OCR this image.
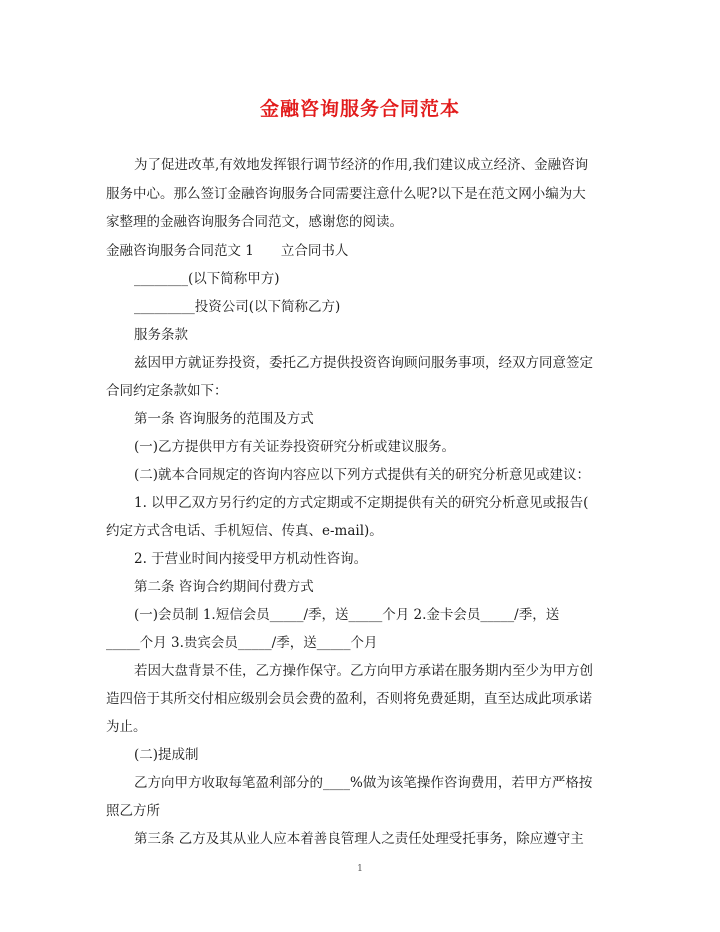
金融咨询服务合同范本
为了促进改革,有效地发挥银行调节经济的作用,我们建议成立经济、金融咨询
服务中心。那么签订金融咨询服务合同需要注意什么呢?以下是在范文网小编为大
家整理的金融咨询服务合同范文，感谢您的阅读。
金融咨询服务合同范文 1　　立合同书人
________(以下简称甲方)
_________投资公司(以下简称乙方)
服务条款
兹因甲方就证券投资，委托乙方提供投资咨询顾问服务事项，经双方同意签定
合同约定条款如下：
第一条 咨询服务的范围及方式
(一)乙方提供甲方有关证券投资研究分析或建议服务。
(二)就本合同规定的咨询内容应以下列方式提供有关的研究分析意见或建议：
1. 以甲乙双方另行约定的方式定期或不定期提供有关的研究分析意见或报告(
约定方式含电话、手机短信、传真、e-mail)。
2. 于营业时间内接受甲方机动性咨询。
第二条 咨询合约期间付费方式
(一)会员制 1.短信会员_____/季，送_____个月 2.金卡会员_____/季，送
_____个月 3.贵宾会员_____/季，送_____个月
若因大盘背景不佳，乙方操作保守。乙方向甲方承诺在服务期内至少为甲方创
造四倍于其所交付相应级别会员会费的盈利，否则将免费延期，直至达成此项承诺
为止。
(二)提成制
乙方向甲方收取每笔盈利部分的____%做为该笔操作咨询费用，若甲方严格按
照乙方所
第三条 乙方及其从业人应本着善良管理人之责任处理受托事务，除应遵守主
1
